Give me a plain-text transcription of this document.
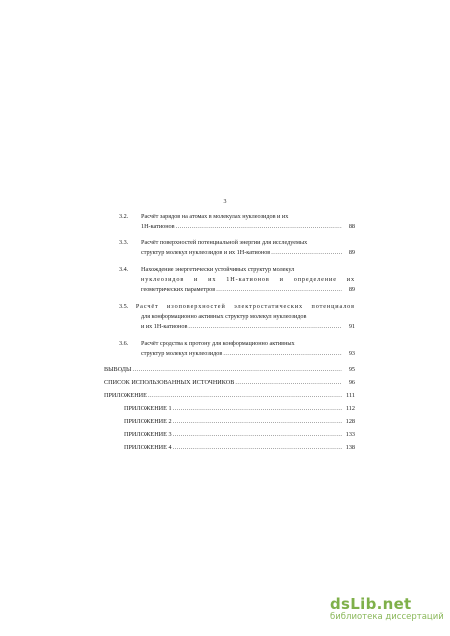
3
3.2.	Расчёт зарядов на атомах в молекулах нуклеозидов и их
1H-катионов .....	88
3.3.	Расчёт поверхностей потенциальной энергии для исследуемых
структур молекул нуклеозидов и их 1H-катионов .....	89
3.4.	Нахождение энергетически устойчивых структур молекул
нуклеозидов и их 1H-катионов и определение их
геометрических параметров .....	89
3.5.	Расчёт изоповерхностей электростатических потенциалов
для конформационно активных структур молекул нуклеозидов
и их 1H-катионов .....	91
3.6.	Расчёт сродства к протону для конформационно активных
структур молекул нуклеозидов .....	93
ВЫВОДЫ .....	95
СПИСОК ИСПОЛЬЗОВАННЫХ ИСТОЧНИКОВ .....	96
ПРИЛОЖЕНИЕ .....	111
ПРИЛОЖЕНИЕ 1 .....	112
ПРИЛОЖЕНИЕ 2 .....	128
ПРИЛОЖЕНИЕ 3 .....	133
ПРИЛОЖЕНИЕ 4 .....	138
dsLib.net
библиотека диссертаций
